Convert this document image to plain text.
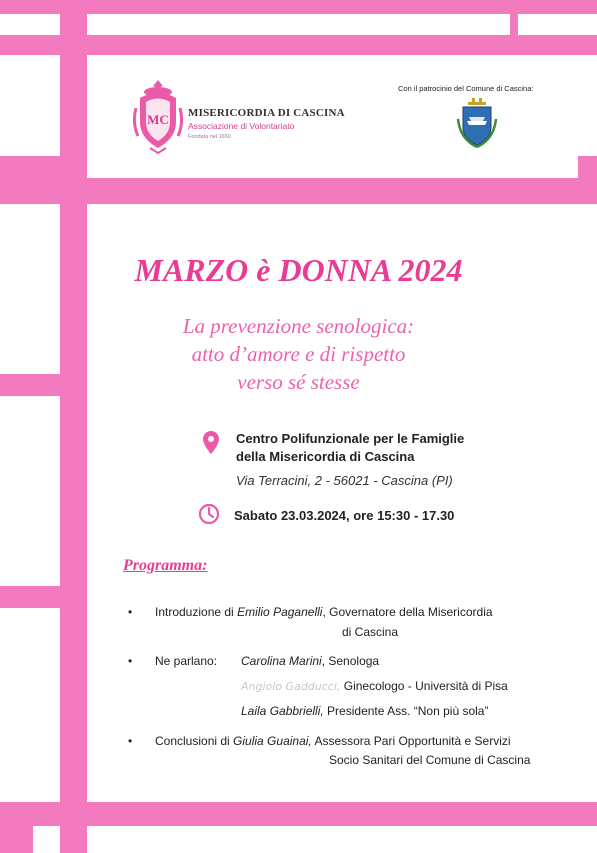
MC MISERICORDIA DI CASCINA
Associazione di Volontariato
Fondata nel 1650
Con il patrocinio del Comune di Cascina:
MARZO è DONNA 2024
La prevenzione senologica:
atto d’amore e di rispetto
verso sé stesse
Centro Polifunzionale per le Famiglie
della Misericordia di Cascina
Via Terracini, 2 - 56021 - Cascina (PI)
Sabato 23.03.2024, ore 15:30 - 17.30
Programma:
• Introduzione di Emilio Paganelli, Governatore della Misericordia
di Cascina
• Ne parlano: Carolina Marini, Senologa
Angiolo Gadducci, Ginecologo - Università di Pisa
Laila Gabbrielli, Presidente Ass. “Non più sola”
• Conclusioni di Giulia Guainai, Assessora Pari Opportunità e Servizi
Socio Sanitari del Comune di Cascina
